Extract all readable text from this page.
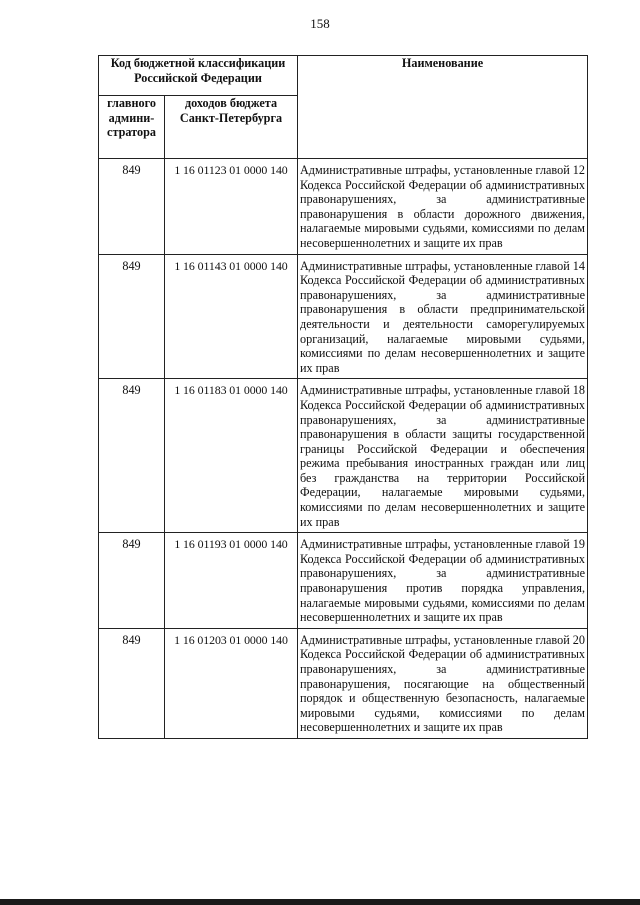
158
Код бюджетной классификации Российской Федерации		Наименование
главного админи-стратора	доходов бюджета Санкт-Петербурга	
849	1 16 01123 01 0000 140	Административные штрафы, установленные главой 12 Кодекса Российской Федерации об административных правонарушениях, за административные правонарушения в области дорожного движения, налагаемые мировыми судьями, комиссиями по делам несовершеннолетних и защите их прав
849	1 16 01143 01 0000 140	Административные штрафы, установленные главой 14 Кодекса Российской Федерации об административных правонарушениях, за административные правонарушения в области предпринимательской деятельности и деятельности саморегулируемых организаций, налагаемые мировыми судьями, комиссиями по делам несовершеннолетних и защите их прав
849	1 16 01183 01 0000 140	Административные штрафы, установленные главой 18 Кодекса Российской Федерации об административных правонарушениях, за административные правонарушения в области защиты государственной границы Российской Федерации и обеспечения режима пребывания иностранных граждан или лиц без гражданства на территории Российской Федерации, налагаемые мировыми судьями, комиссиями по делам несовершеннолетних и защите их прав
849	1 16 01193 01 0000 140	Административные штрафы, установленные главой 19 Кодекса Российской Федерации об административных правонарушениях, за административные правонарушения против порядка управления, налагаемые мировыми судьями, комиссиями по делам несовершеннолетних и защите их прав
849	1 16 01203 01 0000 140	Административные штрафы, установленные главой 20 Кодекса Российской Федерации об административных правонарушениях, за административные правонарушения, посягающие на общественный порядок и общественную безопасность, налагаемые мировыми судьями, комиссиями по делам несовершеннолетних и защите их прав
